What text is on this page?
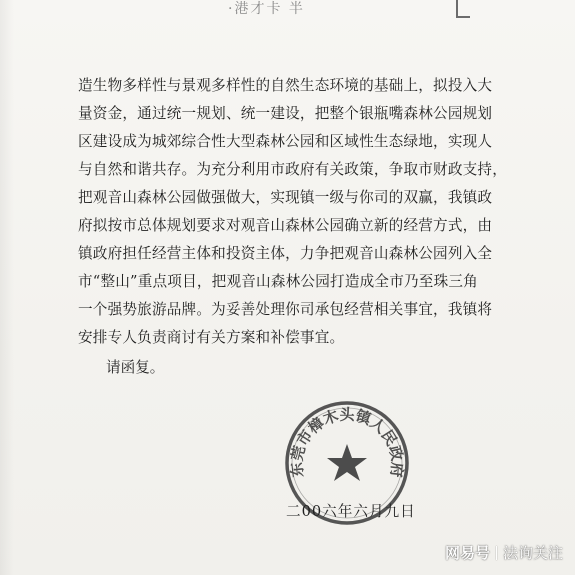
·港才卡 半
造生物多样性与景观多样性的自然生态环境的基础上，拟投入大
量资金，通过统一规划、统一建设，把整个银瓶嘴森林公园规划
区建设成为城郊综合性大型森林公园和区域性生态绿地，实现人
与自然和谐共存。为充分利用市政府有关政策，争取市财政支持，
把观音山森林公园做强做大，实现镇一级与你司的双赢，我镇政
府拟按市总体规划要求对观音山森林公园确立新的经营方式，由
镇政府担任经营主体和投资主体，力争把观音山森林公园列入全
市“整山”重点项目，把观音山森林公园打造成全市乃至珠三角
一个强势旅游品牌。为妥善处理你司承包经营相关事宜，我镇将
安排专人负责商讨有关方案和补偿事宜。
请函复。
东莞市樟木头镇人民政府
二00六年六月九日
网易号 法询关注
